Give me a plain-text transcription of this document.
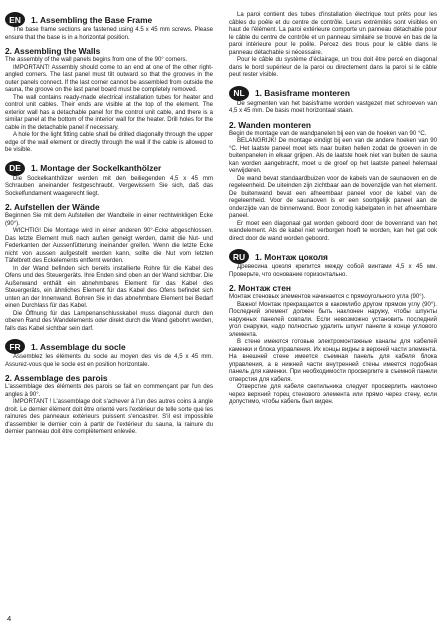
EN	1. Assembling the Base Frame

The base frame sections are fastened using 4.5 x 45 mm screws. Please ensure that the base is in a horizontal position.

2. Assembling the Walls

The assembly of the wall panels begins from one of the 90° corners.

IMPORTANT! Assembly should come to an end at one of the other right-angled corners. The last panel must tilt outward so that the grooves in the outer panels connect. If the last corner cannot be assembled from outside the sauna, the groove on the last panel board must be completely removed.

The wall contains ready-made electrical installation tubes for heater and control unit cables. Their ends are visible at the top of the element. The exterior wall has a detachable panel for the control unit cable, and there is a similar panel at the bottom of the interior wall for the heater. Drill holes for the cable in the detachable panel if necessary.

A hole for the light fitting cable shall be drilled diagonally through the upper edge of the wall element or directly through the wall if the cable is allowed to be visible.

DE	1. Montage der Sockelkanthölzer

Die Sockelkanthölzer werden mit den beiliegenden 4,5 x 45 mm Schrauben aneinander festgeschraubt. Vergewissern Sie sich, daß das Sockelfundament waagerecht liegt.

2. Aufstellen der Wände

Beginnen Sie mit dem Aufstellen der Wandteile in einer rechtwinkligen Ecke (90°).

WICHTIG! Die Montage wird in einer anderen 90°-Ecke abgeschlossen. Das letzte Element muß nach außen geneigt werden, damit die Nut- und Federkanten der Aussenfütterung ineinander greifen. Wenn die letzte Ecke nicht von aussen aufgestellt werden kann, sollte die Nut vom letzten Täfelbrett des Eckelements entfernt werden.

In der Wand befinden sich bereits installierte Rohre für die Kabel des Ofens und des Steuergeräts. Ihre Enden sind oben an der Wand sichtbar. Die Außenwand enthält ein abnehmbares Element für das Kabel des Steuergeräts, ein ähnliches Element für das Kabel des Ofens befindet sich unten an der Innenwand. Bohren Sie in das abnehmbare Element bei Bedarf einen Durchlass für das Kabel.

Die Öffnung für das Lampenanschlusskabel muss diagonal durch den oberen Rand des Wandelements oder direkt durch die Wand gebohrt werden, falls das Kabel sichtbar sein darf.

FR	1. Assemblage du socle

Assemblez les éléments du socle au moyen des vis de 4,5 x 45 mm. Assurez-vous que le socle est en position horizontale.

2. Assemblage des parois

L'assemblage des éléments des parois se fait en commençant par l'un des angles à 90°.

IMPORTANT ! L'assemblage doit s'achever à l'un des autres coins à angle droit. Le dernier élément doit être orienté vers l'extérieur de telle sorte que les rainures des panneaux extérieurs puissent s'encastrer. S'il est impossible d'assembler le dernier coin à partir de l'extérieur du sauna, la rainure du dernier panneau doit être complètement enlevée.

La paroi contient des tubes d'installation électrique tout prêts pour les câbles du poêle et du centre de contrôle. Leurs extrémités sont visibles en haut de l'élément. La paroi extérieure comporte un panneau détachable pour le câble du centre de contrôle et un panneau similaire se trouve en bas de la paroi intérieure pour le poêle. Percez des trous pour le câble dans le panneau détachable si nécessaire.

Pour le câble du système d'éclairage, un trou doit être percé en diagonal dans le bord supérieur de la paroi ou directement dans la paroi si le câble peut rester visible.

NL	1. Basisframe monteren

De segmenten van het basisframe worden vastgezet met schroeven van 4,5 x 45 mm. De basis moet horizontaal staan.

2. Wanden monteren

Begin de montage van de wandpanelen bij een van de hoeken van 90 °C.

BELANGRIJK! De montage eindigt bij een van de andere hoeken van 90 °C. Het laatste paneel moet iets naar buiten hellen zodat de groeven in de buitenpanelen in elkaar grijpen. Als de laatste hoek niet van buiten de sauna kan worden aangebracht, moet u de groef op het laatste paneel helemaal verwijderen.

De wand bevat standaardbuizen voor de kabels van de saunaoven en de regeleenheid. De uiteinden zijn zichtbaar aan de bovenzijde van het element. De buitenwand bevat een afneembaar paneel voor de kabel van de regeleenheid. Voor de saunaoven is er een soortgelijk paneel aan de onderzijde van de binnenwand. Boor zonodig kabelgaten in het afneembare paneel.

Er moet een diagonaal gat worden geboord door de bovenrand van het wandelement. Als de kabel niet verborgen hoeft te worden, kan het gat ook direct door de wand worden geboord.

RU	1. Монтаж цоколя

Древесина цоколя крепится между собой винтами 4,5 x 45 мм. Проверьте, что основание горизонтально.

2. Монтаж стен

Монтаж стеновых элементов начинается с прямоугольного угла (90°).

Важно! Монтаж прекращается в какомлибо другом прямом углу (90°). Последний элемент должен быть наклонен наружу, чтобы шпунты наружных панелей совпали. Если невозможно установить последний угол снаружи, надо полностью удалить шпунт панели в конце углового элемента.

В стене имеются готовые электромонтажные каналы для кабелей каменки и блока управления. Их концы видны в верхней части элемента. На внешней стене имеется съемная панель для кабеля блока управления, а в нижней части внутренней стены имеется подобная панель для каменки. При необходимости просверлите в съемной панели отверстия для кабеля.

Отверстие для кабеля светильника следует просверлить наклонно через верхний торец стенового элемента или прямо через стену, если допустимо, чтобы кабель был виден.

4
